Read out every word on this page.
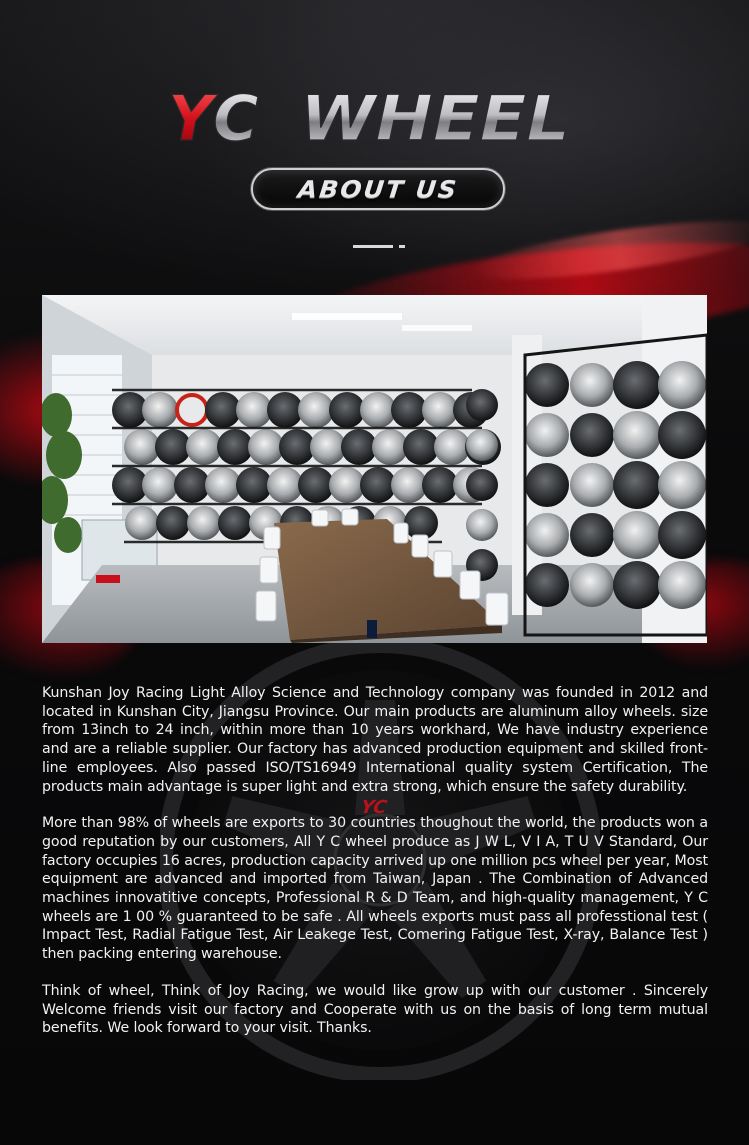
Y C WHEEL
ABOUT US
YC

Kunshan Joy Racing Light Alloy Science and Technology company was founded in 2012 and located in Kunshan City, Jiangsu Province. Our main products are aluminum alloy wheels. size from 13inch to 24 inch, within more than 10 years workhard, We have industry experience and are a reliable supplier. Our factory has advanced production equipment and skilled front-line employees. Also passed ISO/TS16949 International quality system Certification, The products main advantage is super light and extra strong, which ensure the safety durability.

More than 98% of wheels are exports to 30 countries thoughout the world, the products won a good reputation by our customers, All Y C wheel produce as J W L, V I A, T U V Standard, Our factory occupies 16 acres, production capacity arrived up one million pcs wheel per year, Most equipment are advanced and imported from Taiwan, Japan . The Combination of Advanced machines innovatitive concepts, Professional R & D Team, and high-quality management, Y C wheels are 1 00 % guaranteed to be safe . All wheels exports must pass all professtional test ( Impact Test, Radial Fatigue Test, Air Leakege Test, Comering Fatigue Test, X-ray, Balance Test ) then packing entering warehouse.

Think of wheel, Think of Joy Racing, we would like grow up with our customer . Sincerely Welcome friends visit our factory and Cooperate with us on the basis of long term mutual benefits. We look forward to your visit. Thanks.
